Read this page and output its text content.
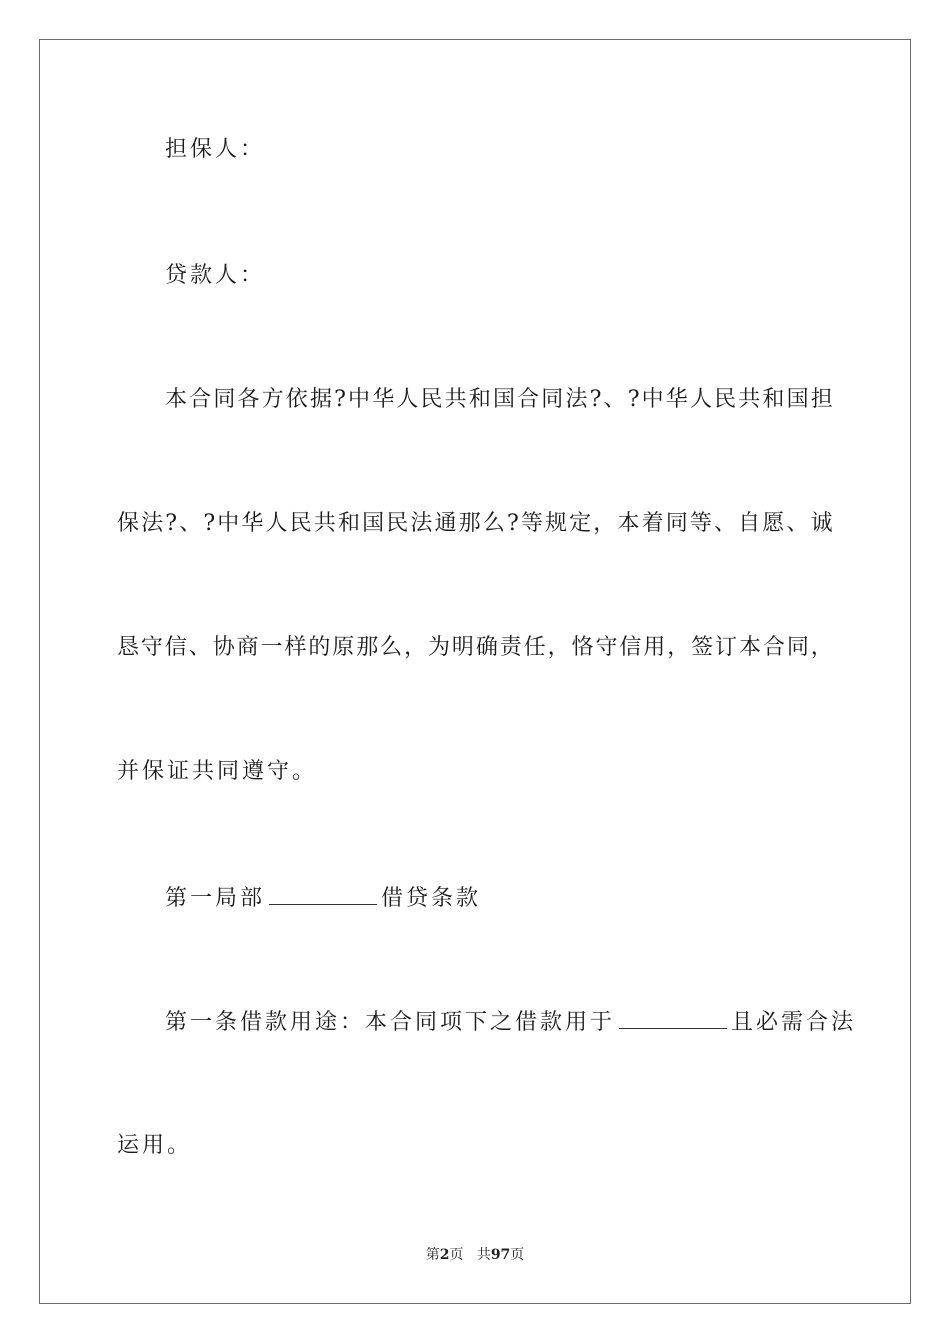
担保人：
贷款人：
本 合 同 各 方 依 据 ? 中 华 人 民 共 和 国 合 同 法 ? 、 ? 中 华 人 民 共 和 国 担
保 法 ? 、 ? 中 华 人 民 共 和 国 民 法 通 那 么 ? 等 规 定 ， 本 着 同 等 、 自 愿 、 诚
恳 守 信 、 协 商 一 样 的 原 那 么 ， 为 明 确 责 任 ， 恪 守 信 用 ， 签 订 本 合 同 ，
并保证共同遵守。
第一局部	借贷条款
第一条借款用途：本合同项下之借款用于	且必需合法
运用。
第2页 共97页
